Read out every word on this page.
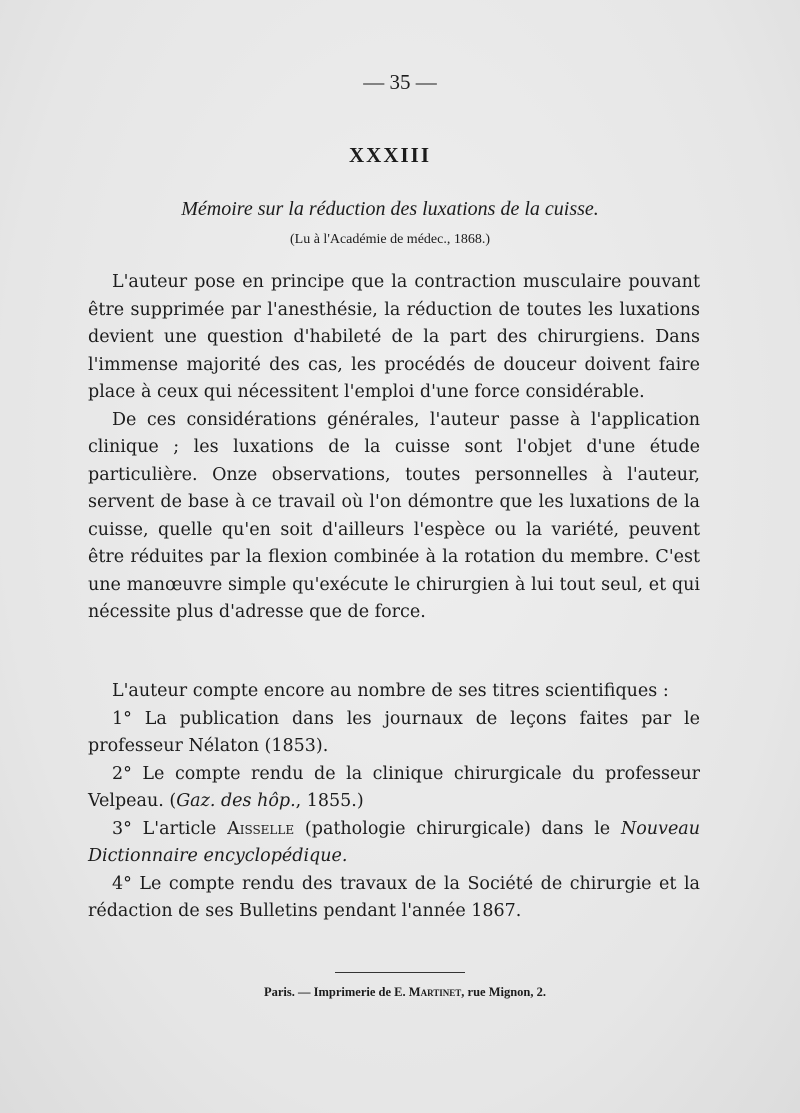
— 35 —
XXXIII
Mémoire sur la réduction des luxations de la cuisse.
(Lu à l'Académie de médec., 1868.)

L'auteur pose en principe que la contraction musculaire pouvant être supprimée par l'anesthésie, la réduction de toutes les luxations devient une question d'habileté de la part des chirurgiens. Dans l'immense majorité des cas, les procédés de douceur doivent faire place à ceux qui nécessitent l'emploi d'une force considérable.

De ces considérations générales, l'auteur passe à l'application clinique ; les luxations de la cuisse sont l'objet d'une étude particulière. Onze observations, toutes personnelles à l'auteur, servent de base à ce travail où l'on démontre que les luxations de la cuisse, quelle qu'en soit d'ailleurs l'espèce ou la variété, peuvent être réduites par la flexion combinée à la rotation du membre. C'est une manœuvre simple qu'exécute le chirurgien à lui tout seul, et qui nécessite plus d'adresse que de force.

L'auteur compte encore au nombre de ses titres scientifiques :

1° La publication dans les journaux de leçons faites par le professeur Nélaton (1853).

2° Le compte rendu de la clinique chirurgicale du professeur Velpeau. (Gaz. des hôp., 1855.)

3° L'article Aisselle (pathologie chirurgicale) dans le Nouveau Dictionnaire encyclopédique.

4° Le compte rendu des travaux de la Société de chirurgie et la rédaction de ses Bulletins pendant l'année 1867.

Paris. — Imprimerie de E. Martinet, rue Mignon, 2.
